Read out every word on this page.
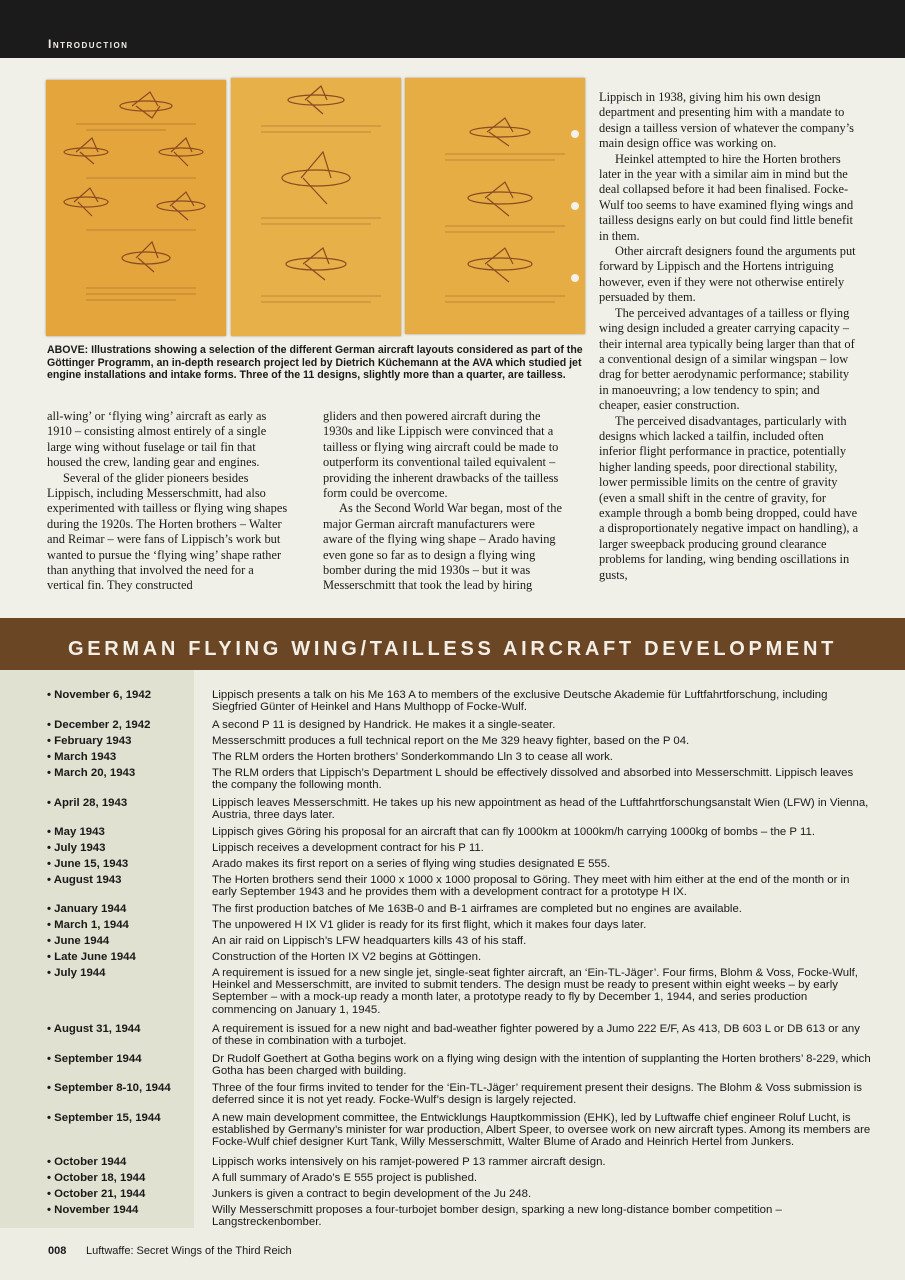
Introduction
ABOVE: Illustrations showing a selection of the different German aircraft layouts considered as part of the Göttinger Programm, an in-depth research project led by Dietrich Küchemann at the AVA which studied jet engine installations and intake forms. Three of the 11 designs, slightly more than a quarter, are tailless.

all-wing’ or ‘flying wing’ aircraft as early as 1910 – consisting almost entirely of a single large wing without fuselage or tail fin that housed the crew, landing gear and engines.

Several of the glider pioneers besides Lippisch, including Messerschmitt, had also experimented with tailless or flying wing shapes during the 1920s. The Horten brothers – Walter and Reimar – were fans of Lippisch’s work but wanted to pursue the ‘flying wing’ shape rather than anything that involved the need for a vertical fin. They constructed

gliders and then powered aircraft during the 1930s and like Lippisch were convinced that a tailless or flying wing aircraft could be made to outperform its conventional tailed equivalent – providing the inherent drawbacks of the tailless form could be overcome.

As the Second World War began, most of the major German aircraft manufacturers were aware of the flying wing shape – Arado having even gone so far as to design a flying wing bomber during the mid 1930s – but it was Messerschmitt that took the lead by hiring

Lippisch in 1938, giving him his own design department and presenting him with a mandate to design a tailless version of whatever the company’s main design office was working on.

Heinkel attempted to hire the Horten brothers later in the year with a similar aim in mind but the deal collapsed before it had been finalised. Focke-Wulf too seems to have examined flying wings and tailless designs early on but could find little benefit in them.

Other aircraft designers found the arguments put forward by Lippisch and the Hortens intriguing however, even if they were not otherwise entirely persuaded by them.

The perceived advantages of a tailless or flying wing design included a greater carrying capacity – their internal area typically being larger than that of a conventional design of a similar wingspan – low drag for better aerodynamic performance; stability in manoeuvring; a low tendency to spin; and cheaper, easier construction.

The perceived disadvantages, particularly with designs which lacked a tailfin, included often inferior flight performance in practice, potentially higher landing speeds, poor directional stability, lower permissible limits on the centre of gravity (even a small shift in the centre of gravity, for example through a bomb being dropped, could have a disproportionately negative impact on handling), a larger sweepback producing ground clearance problems for landing, wing bending oscillations in gusts,

GERMAN FLYING WING/TAILLESS AIRCRAFT DEVELOPMENT
• November 6, 1942	Lippisch presents a talk on his Me 163 A to members of the exclusive Deutsche Akademie für Luftfahrtforschung, including Siegfried Günter of Heinkel and Hans Multhopp of Focke-Wulf.
• December 2, 1942	A second P 11 is designed by Handrick. He makes it a single-seater.
• February 1943	Messerschmitt produces a full technical report on the Me 329 heavy fighter, based on the P 04.
• March 1943	The RLM orders the Horten brothers’ Sonderkommando Lln 3 to cease all work.
• March 20, 1943	The RLM orders that Lippisch’s Department L should be effectively dissolved and absorbed into Messerschmitt. Lippisch leaves the company the following month.
• April 28, 1943	Lippisch leaves Messerschmitt. He takes up his new appointment as head of the Luftfahrtforschungsanstalt Wien (LFW) in Vienna, Austria, three days later.
• May 1943	Lippisch gives Göring his proposal for an aircraft that can fly 1000km at 1000km/h carrying 1000kg of bombs – the P 11.
• July 1943	Lippisch receives a development contract for his P 11.
• June 15, 1943	Arado makes its first report on a series of flying wing studies designated E 555.
• August 1943	The Horten brothers send their 1000 x 1000 x 1000 proposal to Göring. They meet with him either at the end of the month or in early September 1943 and he provides them with a development contract for a prototype H IX.
• January 1944	The first production batches of Me 163B-0 and B-1 airframes are completed but no engines are available.
• March 1, 1944	The unpowered H IX V1 glider is ready for its first flight, which it makes four days later.
• June 1944	An air raid on Lippisch’s LFW headquarters kills 43 of his staff.
• Late June 1944	Construction of the Horten IX V2 begins at Göttingen.
• July 1944	A requirement is issued for a new single jet, single-seat fighter aircraft, an ‘Ein-TL-Jäger’. Four firms, Blohm & Voss, Focke-Wulf, Heinkel and Messerschmitt, are invited to submit tenders. The design must be ready to present within eight weeks – by early September – with a mock-up ready a month later, a prototype ready to fly by December 1, 1944, and series production commencing on January 1, 1945.
• August 31, 1944	A requirement is issued for a new night and bad-weather fighter powered by a Jumo 222 E/F, As 413, DB 603 L or DB 613 or any of these in combination with a turbojet.
• September 1944	Dr Rudolf Goethert at Gotha begins work on a flying wing design with the intention of supplanting the Horten brothers’ 8-229, which Gotha has been charged with building.
• September 8-10, 1944	Three of the four firms invited to tender for the ‘Ein-TL-Jäger’ requirement present their designs. The Blohm & Voss submission is deferred since it is not yet ready. Focke-Wulf’s design is largely rejected.
• September 15, 1944	A new main development committee, the Entwicklungs Hauptkommission (EHK), led by Luftwaffe chief engineer Roluf Lucht, is established by Germany’s minister for war production, Albert Speer, to oversee work on new aircraft types. Among its members are Focke-Wulf chief designer Kurt Tank, Willy Messerschmitt, Walter Blume of Arado and Heinrich Hertel from Junkers.
• October 1944	Lippisch works intensively on his ramjet-powered P 13 rammer aircraft design.
• October 18, 1944	A full summary of Arado’s E 555 project is published.
• October 21, 1944	Junkers is given a contract to begin development of the Ju 248.
• November 1944	Willy Messerschmitt proposes a four-turbojet bomber design, sparking a new long-distance bomber competition – Langstreckenbomber.
008 Luftwaffe: Secret Wings of the Third Reich
